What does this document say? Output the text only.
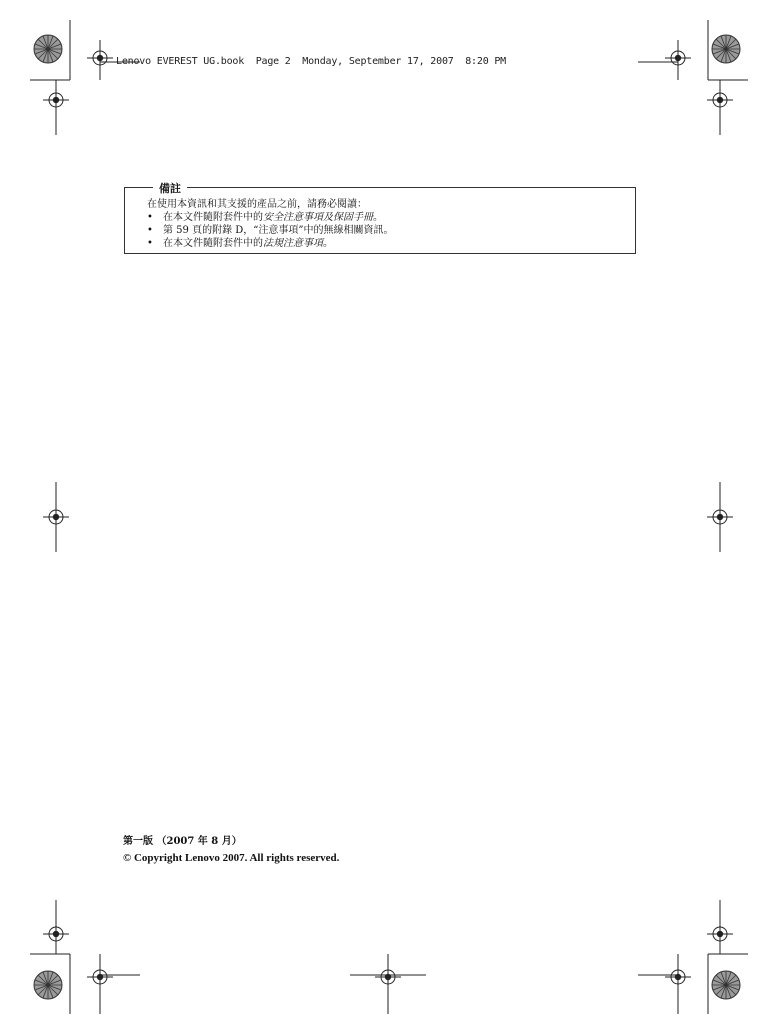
Lenovo EVEREST UG.book  Page 2  Monday, September 17, 2007  8:20 PM
備註
在使用本資訊和其支援的產品之前，請務必閱讀：
• 在本文件隨附套件中的安全注意事項及保固手冊。
• 第 59 頁的附錄 D，“注意事項”中的無線相關資訊。
• 在本文件隨附套件中的法規注意事項。
第一版 （2007 年 8 月）
© Copyright Lenovo 2007. All rights reserved.
